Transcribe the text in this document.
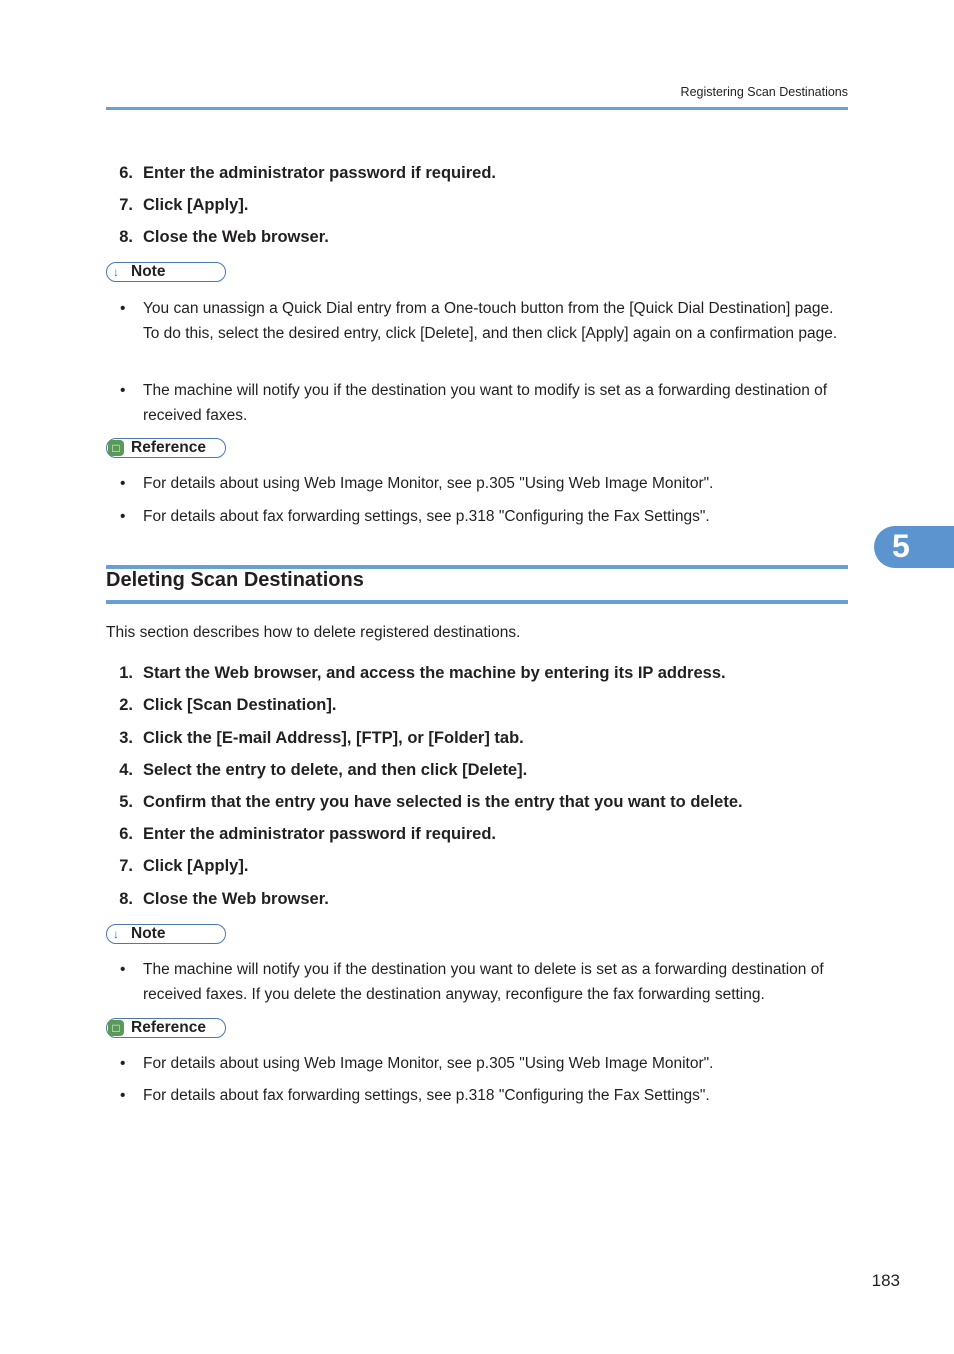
Registering Scan Destinations
6. Enter the administrator password if required.
7. Click [Apply].
8. Close the Web browser.
↓ Note
• You can unassign a Quick Dial entry from a One-touch button from the [Quick Dial Destination] page. To do this, select the desired entry, click [Delete], and then click [Apply] again on a confirmation page.
• The machine will notify you if the destination you want to modify is set as a forwarding destination of received faxes.
□ Reference
• For details about using Web Image Monitor, see p.305 "Using Web Image Monitor".
• For details about fax forwarding settings, see p.318 "Configuring the Fax Settings".
Deleting Scan Destinations
This section describes how to delete registered destinations.
1. Start the Web browser, and access the machine by entering its IP address.
2. Click [Scan Destination].
3. Click the [E-mail Address], [FTP], or [Folder] tab.
4. Select the entry to delete, and then click [Delete].
5. Confirm that the entry you have selected is the entry that you want to delete.
6. Enter the administrator password if required.
7. Click [Apply].
8. Close the Web browser.
↓ Note
• The machine will notify you if the destination you want to delete is set as a forwarding destination of received faxes. If you delete the destination anyway, reconfigure the fax forwarding setting.
□ Reference
• For details about using Web Image Monitor, see p.305 "Using Web Image Monitor".
• For details about fax forwarding settings, see p.318 "Configuring the Fax Settings".
5
183
